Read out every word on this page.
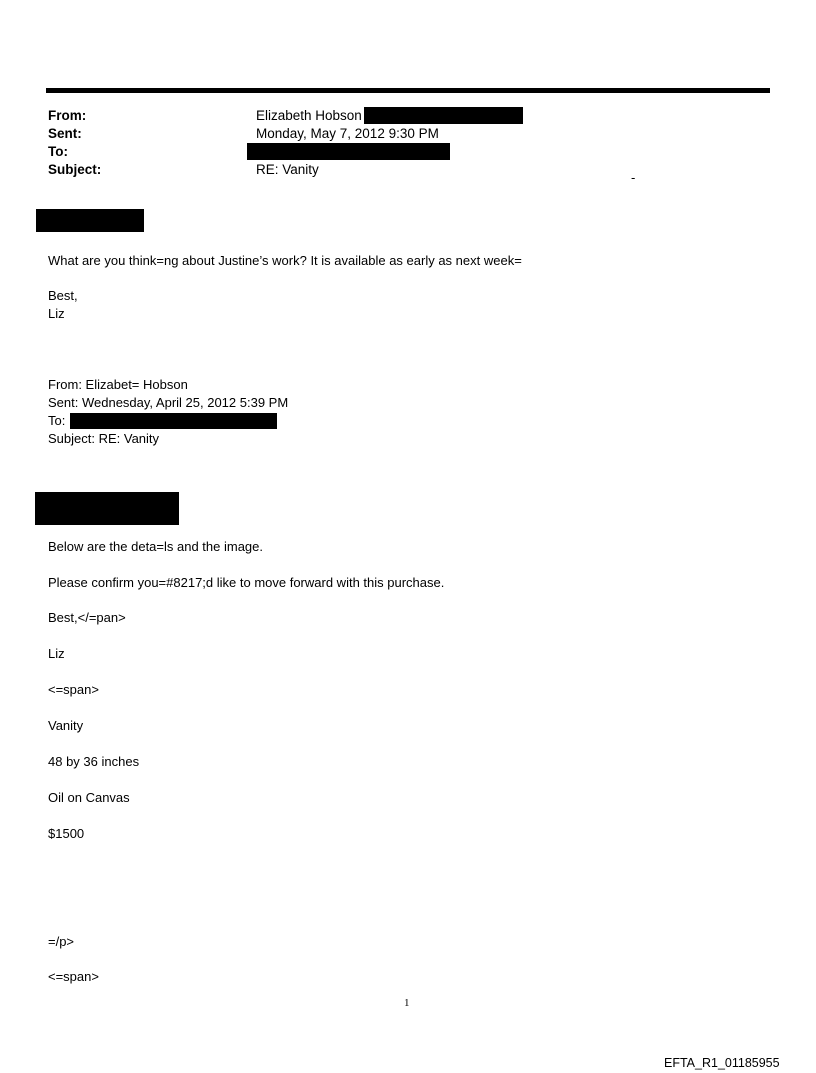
From:	Elizabeth Hobson
Sent:	Monday, May 7, 2012 9:30 PM
To:
Subject:	RE: Vanity
-
What are you think=ng about Justine’s work? It is available as early as next week=
Best,
Liz
From: Elizabet= Hobson
Sent: Wednesday, April 25, 2012 5:39 PM
To:
Subject: RE: Vanity
Below are the deta=ls and the image.
Please confirm you=#8217;d like to move forward with this purchase.
Best,</=pan>
Liz
<=span>
Vanity
48 by 36 inches
Oil on Canvas
$1500
=/p>
<=span>
1
EFTA_R1_01185955
